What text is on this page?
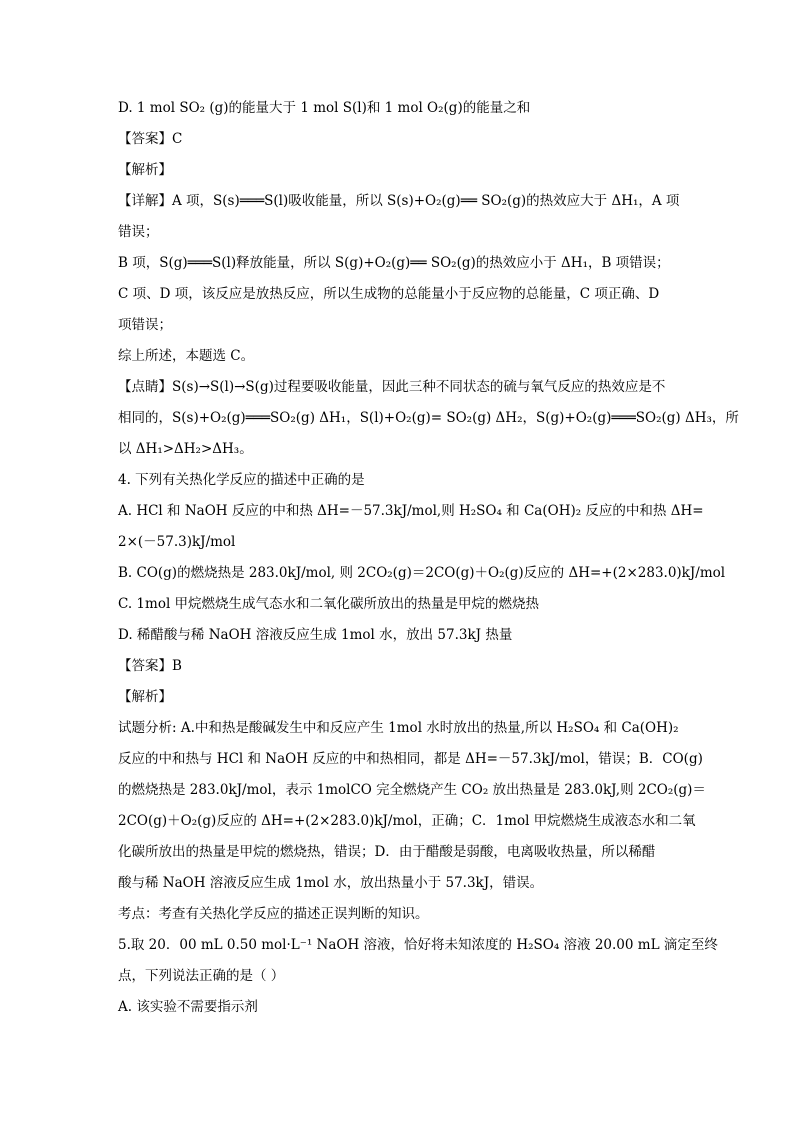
D. 1 mol SO₂ (g)的能量大于 1 mol S(l)和 1 mol O₂(g)的能量之和

【答案】C

【解析】

【详解】A 项，S(s)═══S(l)吸收能量，所以 S(s)+O₂(g)══ SO₂(g)的热效应大于 ΔH₁，A 项

错误；

B 项，S(g)═══S(l)释放能量，所以 S(g)+O₂(g)══ SO₂(g)的热效应小于 ΔH₁，B 项错误；

C 项、D 项，该反应是放热反应，所以生成物的总能量小于反应物的总能量，C 项正确、D

项错误；

综上所述，本题选 C。

【点睛】S(s)→S(l)→S(g)过程要吸收能量，因此三种不同状态的硫与氧气反应的热效应是不

相同的，S(s)+O₂(g)═══SO₂(g) ΔH₁，S(l)+O₂(g)= SO₂(g) ΔH₂，S(g)+O₂(g)═══SO₂(g) ΔH₃，所

以 ΔH₁>ΔH₂>ΔH₃。

4. 下列有关热化学反应的描述中正确的是

A. HCl 和 NaOH 反应的中和热 ΔH=－57.3kJ/mol,则 H₂SO₄ 和 Ca(OH)₂ 反应的中和热 ΔH=

2×(－57.3)kJ/mol

B. CO(g)的燃烧热是 283.0kJ/mol, 则 2CO₂(g)＝2CO(g)＋O₂(g)反应的 ΔH=+(2×283.0)kJ/mol

C. 1mol 甲烷燃烧生成气态水和二氧化碳所放出的热量是甲烷的燃烧热

D. 稀醋酸与稀 NaOH 溶液反应生成 1mol 水，放出 57.3kJ 热量

【答案】B

【解析】

试题分析: A.中和热是酸碱发生中和反应产生 1mol 水时放出的热量,所以 H₂SO₄ 和 Ca(OH)₂

反应的中和热与 HCl 和 NaOH 反应的中和热相同，都是 ΔH=－57.3kJ/mol，错误；B．CO(g)

的燃烧热是 283.0kJ/mol，表示 1molCO 完全燃烧产生 CO₂ 放出热量是 283.0kJ,则 2CO₂(g)＝

2CO(g)＋O₂(g)反应的 ΔH=+(2×283.0)kJ/mol，正确；C．1mol 甲烷燃烧生成液态水和二氧

化碳所放出的热量是甲烷的燃烧热，错误；D．由于醋酸是弱酸，电离吸收热量，所以稀醋

酸与稀 NaOH 溶液反应生成 1mol 水，放出热量小于 57.3kJ，错误。

考点：考查有关热化学反应的描述正误判断的知识。

5.取 20．00 mL 0.50 mol·L⁻¹ NaOH 溶液，恰好将未知浓度的 H₂SO₄ 溶液 20.00 mL 滴定至终

点，下列说法正确的是（ ）

A. 该实验不需要指示剂
